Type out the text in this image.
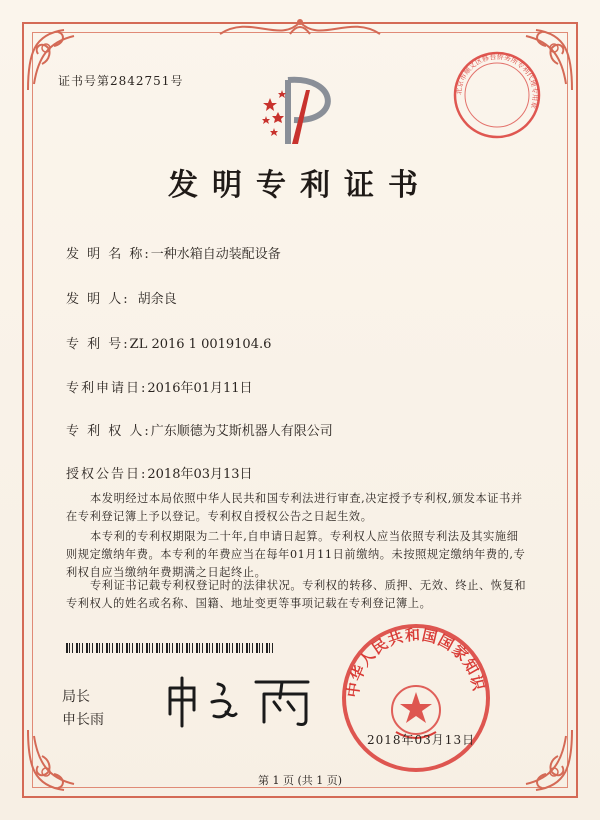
证书号第2842751号
北京市顺义区修吾侨务所专利代理专用章
发明专利证书
发 明 名 称:一种水箱自动装配设备
发 明 人: 胡余良
专 利 号:ZL 2016 1 0019104.6
专利申请日:2016年01月11日
专 利 权 人:广东顺德为艾斯机器人有限公司
授权公告日:2018年03月13日

本发明经过本局依照中华人民共和国专利法进行审查,决定授予专利权,颁发本证书并在专利登记簿上予以登记。专利权自授权公告之日起生效。

本专利的专利权期限为二十年,自申请日起算。专利权人应当依照专利法及其实施细则规定缴纳年费。本专利的年费应当在每年01月11日前缴纳。未按照规定缴纳年费的,专利权自应当缴纳年费期满之日起终止。

专利证书记载专利权登记时的法律状况。专利权的转移、质押、无效、终止、恢复和专利权人的姓名或名称、国籍、地址变更等事项记载在专利登记簿上。

局长
申长雨
中华人民共和国国家知识
2018年03月13日
第 1 页 (共 1 页)
